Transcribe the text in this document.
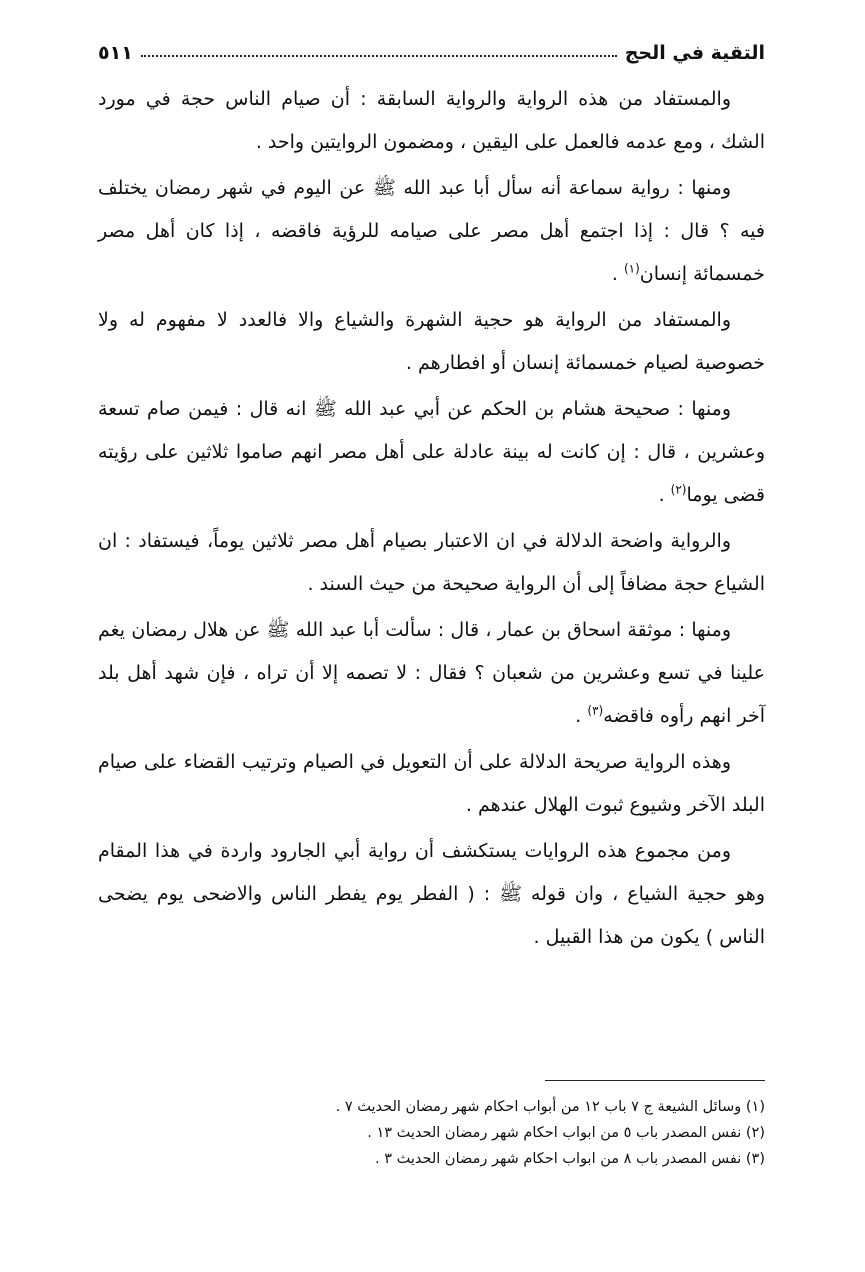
التقية في الحج
٥١١

والمستفاد من هذه الرواية والرواية السابقة : أن صيام الناس حجة في مورد الشك ، ومع عدمه فالعمل على اليقين ، ومضمون الروايتين واحد .

ومنها : رواية سماعة أنه سأل أبا عبد الله ﷺ عن اليوم في شهر رمضان يختلف فيه ؟ قال : إذا اجتمع أهل مصر على صيامه للرؤية فاقضه ، إذا كان أهل مصر خمسمائة إنسان$^{(١)}$ .

والمستفاد من الرواية هو حجية الشهرة والشياع والا فالعدد لا مفهوم له ولا خصوصية لصيام خمسمائة إنسان أو افطارهم .

ومنها : صحيحة هشام بن الحكم عن أبي عبد الله ﷺ انه قال : فيمن صام تسعة وعشرين ، قال : إن كانت له بينة عادلة على أهل مصر انهم صاموا ثلاثين على رؤيته قضى يوما$^{(٢)}$ .

والرواية واضحة الدلالة في ان الاعتبار بصيام أهل مصر ثلاثين يوماً، فيستفاد : ان الشياع حجة مضافاً إلى أن الرواية صحيحة من حيث السند .

ومنها : موثقة اسحاق بن عمار ، قال : سألت أبا عبد الله ﷺ عن هلال رمضان يغم علينا في تسع وعشرين من شعبان ؟ فقال : لا تصمه إلا أن تراه ، فإن شهد أهل بلد آخر انهم رأوه فاقضه$^{(٣)}$ .

وهذه الرواية صريحة الدلالة على أن التعويل في الصيام وترتيب القضاء على صيام البلد الآخر وشيوع ثبوت الهلال عندهم .

ومن مجموع هذه الروايات يستكشف أن رواية أبي الجارود واردة في هذا المقام وهو حجية الشياع ، وان قوله ﷺ : ( الفطر يوم يفطر الناس والاضحى يوم يضحى الناس ) يكون من هذا القبيل .

(١) وسائل الشيعة ج ٧ باب ١٢ من أبواب احكام شهر رمضان الحديث ٧ .
(٢) نفس المصدر باب ٥ من ابواب احكام شهر رمضان الحديث ١٣ .
(٣) نفس المصدر باب ٨ من ابواب احكام شهر رمضان الحديث ٣ .
